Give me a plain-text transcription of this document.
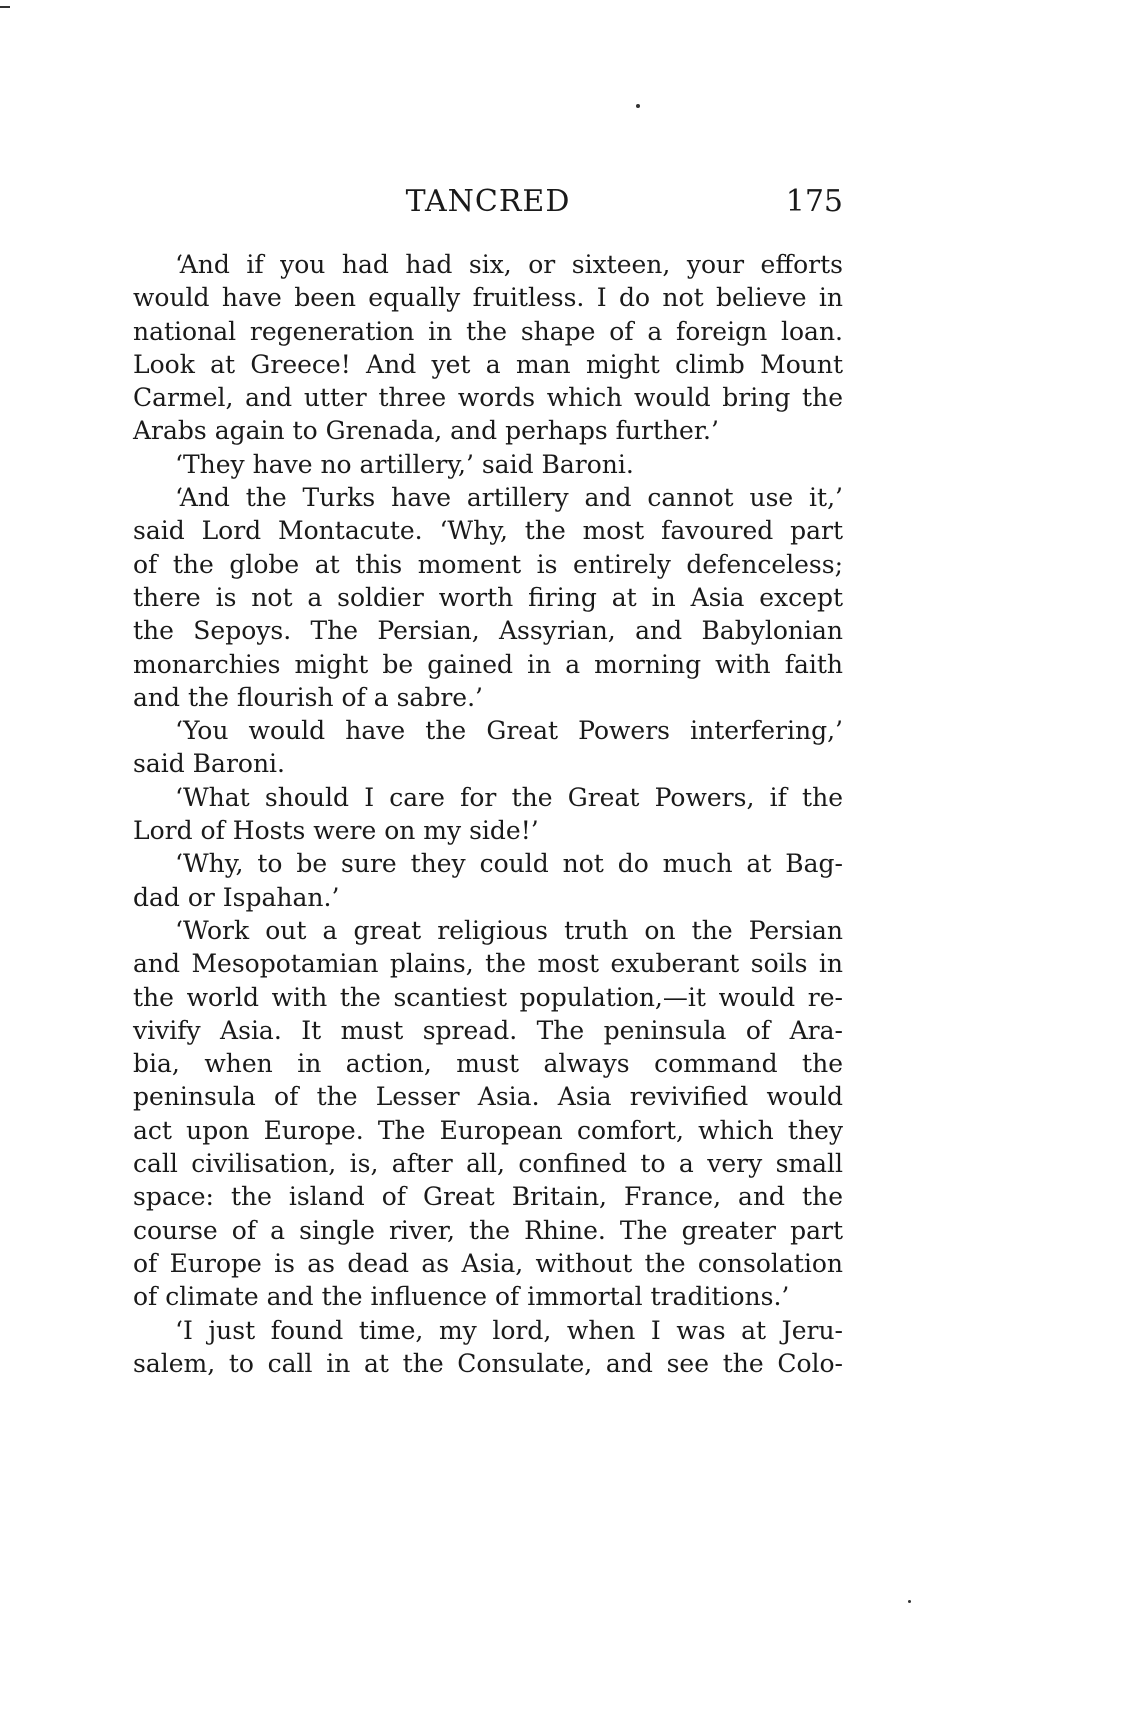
TANCRED	175
‘And if you had had six, or sixteen, your efforts
would have been equally fruitless. I do not believe in
national regeneration in the shape of a foreign loan.
Look at Greece! And yet a man might climb Mount
Carmel, and utter three words which would bring the
Arabs again to Grenada, and perhaps further.’
‘They have no artillery,’ said Baroni.
‘And the Turks have artillery and cannot use it,’
said Lord Montacute. ‘Why, the most favoured part
of the globe at this moment is entirely defenceless;
there is not a soldier worth firing at in Asia except
the Sepoys. The Persian, Assyrian, and Babylonian
monarchies might be gained in a morning with faith
and the flourish of a sabre.’
‘You would have the Great Powers interfering,’
said Baroni.
‘What should I care for the Great Powers, if the
Lord of Hosts were on my side!’
‘Why, to be sure they could not do much at Bag-
dad or Ispahan.’
‘Work out a great religious truth on the Persian
and Mesopotamian plains, the most exuberant soils in
the world with the scantiest population,—it would re-
vivify Asia. It must spread. The peninsula of Ara-
bia, when in action, must always command the
peninsula of the Lesser Asia. Asia revivified would
act upon Europe. The European comfort, which they
call civilisation, is, after all, confined to a very small
space: the island of Great Britain, France, and the
course of a single river, the Rhine. The greater part
of Europe is as dead as Asia, without the consolation
of climate and the influence of immortal traditions.’
‘I just found time, my lord, when I was at Jeru-
salem, to call in at the Consulate, and see the Colo-
